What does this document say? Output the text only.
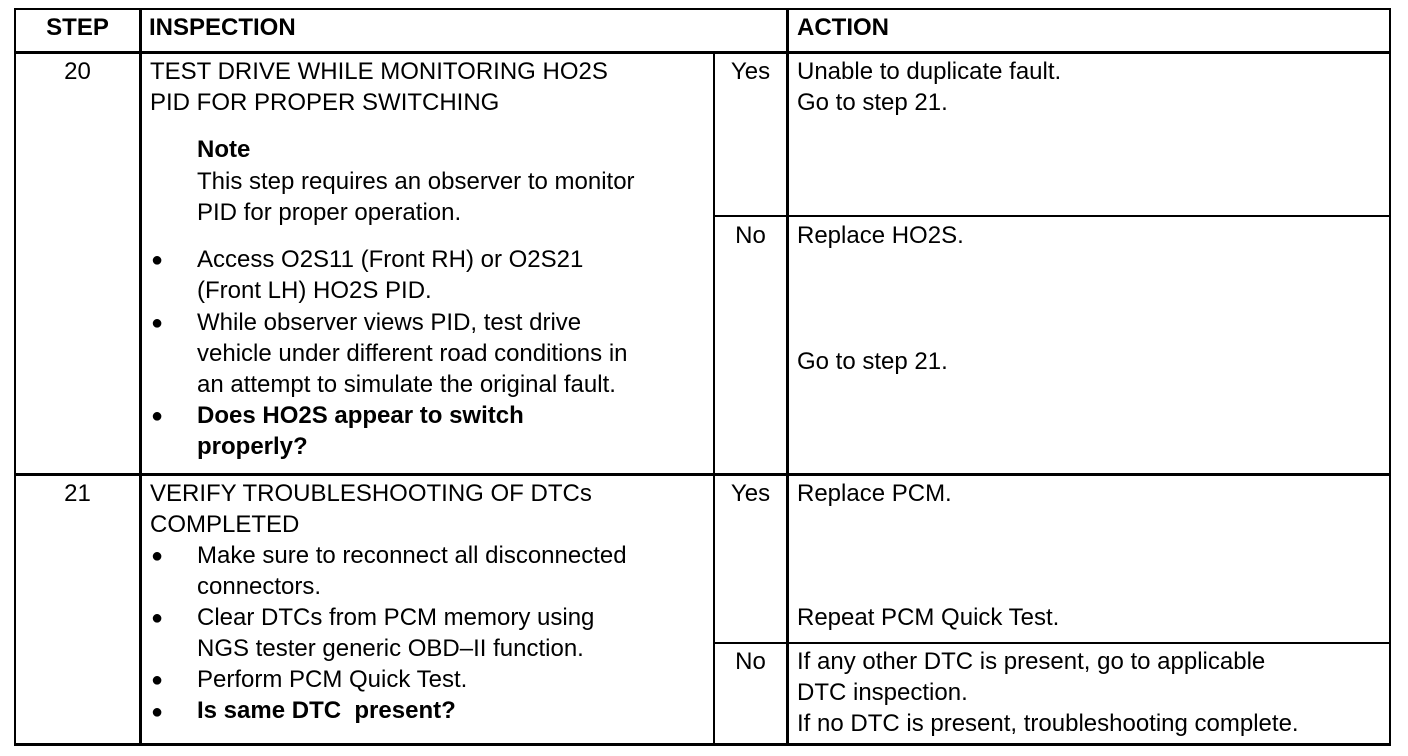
STEP	INSPECTION	ACTION
20	TEST DRIVE WHILE MONITORING HO2S
PID FOR PROPER SWITCHING
Note
This step requires an observer to monitor
PID for proper operation.
● Access O2S11 (Front RH) or O2S21
(Front LH) HO2S PID.
● While observer views PID, test drive
vehicle under different road conditions in
an attempt to simulate the original fault.
● Does HO2S appear to switch
properly?
Yes	Unable to duplicate fault.
Go to step 21.
No	Replace HO2S.
Go to step 21.
21	VERIFY TROUBLESHOOTING OF DTCs
COMPLETED
● Make sure to reconnect all disconnected
connectors.
● Clear DTCs from PCM memory using
NGS tester generic OBD–II function.
● Perform PCM Quick Test.
● Is same DTC  present?
Yes	Replace PCM.
Repeat PCM Quick Test.
No	If any other DTC is present, go to applicable
DTC inspection.
If no DTC is present, troubleshooting complete.
